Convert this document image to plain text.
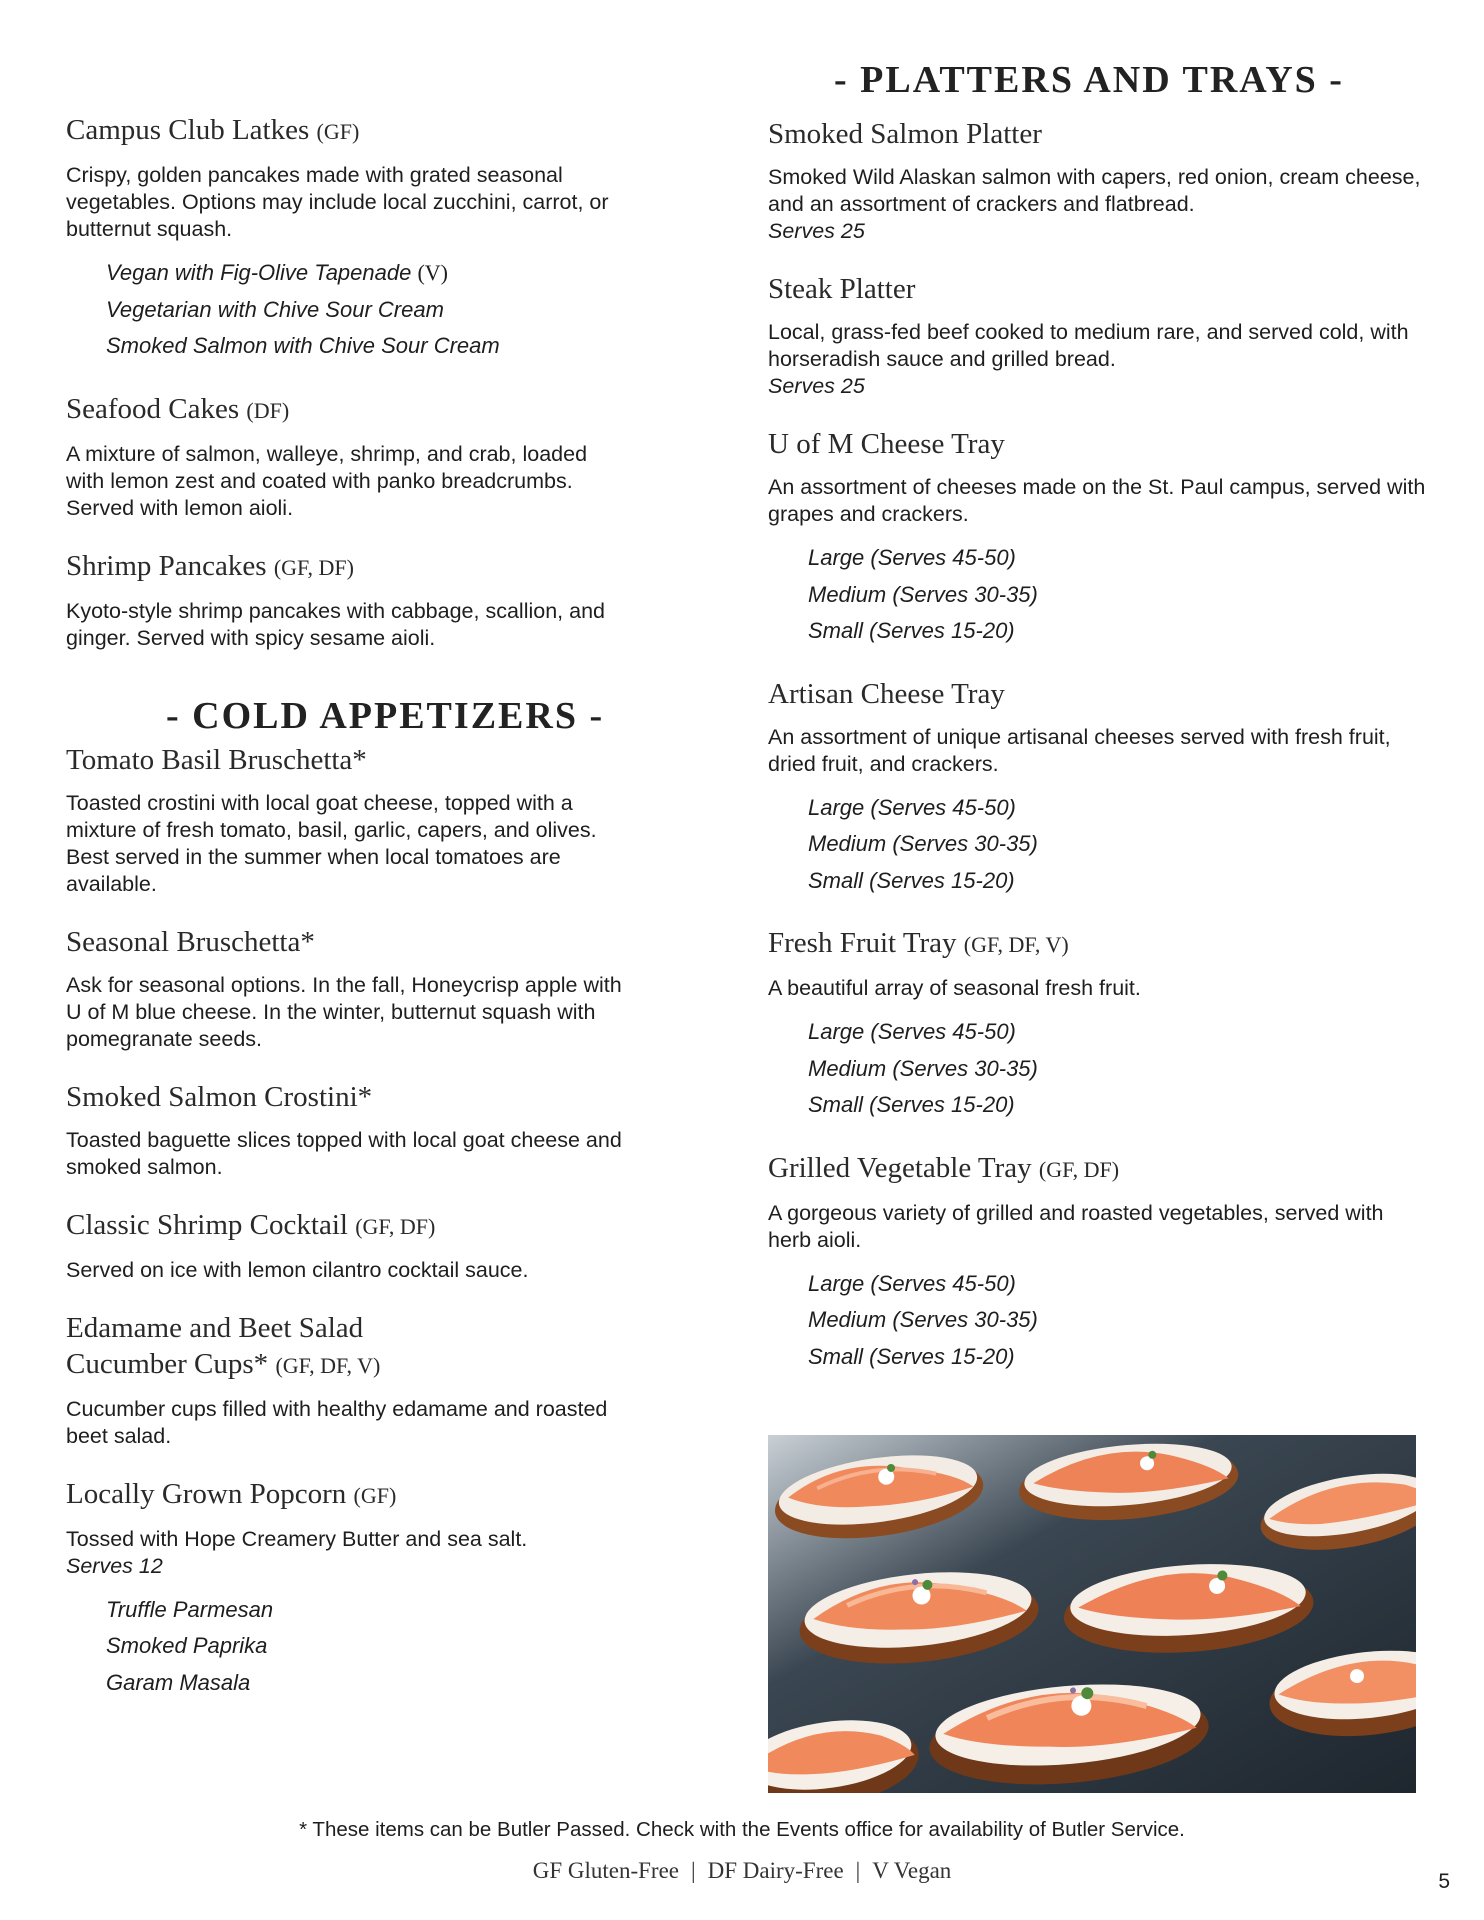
Campus Club Latkes (GF)

Crispy, golden pancakes made with grated seasonal vegetables. Options may include local zucchini, carrot, or butternut squash.

Vegan with Fig-Olive Tapenade (V)
Vegetarian with Chive Sour Cream
Smoked Salmon with Chive Sour Cream

Seafood Cakes (DF)

A mixture of salmon, walleye, shrimp, and crab, loaded with lemon zest and coated with panko breadcrumbs. Served with lemon aioli.

Shrimp Pancakes (GF, DF)

Kyoto-style shrimp pancakes with cabbage, scallion, and ginger. Served with spicy sesame aioli.

- COLD APPETIZERS -

Tomato Basil Bruschetta*

Toasted crostini with local goat cheese, topped with a mixture of fresh tomato, basil, garlic, capers, and olives. Best served in the summer when local tomatoes are available.

Seasonal Bruschetta*

Ask for seasonal options. In the fall, Honeycrisp apple with U of M blue cheese. In the winter, butternut squash with pomegranate seeds.

Smoked Salmon Crostini*

Toasted baguette slices topped with local goat cheese and smoked salmon.

Classic Shrimp Cocktail (GF, DF)

Served on ice with lemon cilantro cocktail sauce.

Edamame and Beet Salad
Cucumber Cups* (GF, DF, V)

Cucumber cups filled with healthy edamame and roasted beet salad.

Locally Grown Popcorn (GF)

Tossed with Hope Creamery Butter and sea salt.

Serves 12

Truffle Parmesan
Smoked Paprika
Garam Masala
- PLATTERS AND TRAYS -

Smoked Salmon Platter

Smoked Wild Alaskan salmon with capers, red onion, cream cheese, and an assortment of crackers and flatbread.

Serves 25

Steak Platter

Local, grass-fed beef cooked to medium rare, and served cold, with horseradish sauce and grilled bread.

Serves 25

U of M Cheese Tray

An assortment of cheeses made on the St. Paul campus, served with grapes and crackers.

Large (Serves 45-50)
Medium (Serves 30-35)
Small (Serves 15-20)

Artisan Cheese Tray

An assortment of unique artisanal cheeses served with fresh fruit, dried fruit, and crackers.

Large (Serves 45-50)
Medium (Serves 30-35)
Small (Serves 15-20)

Fresh Fruit Tray (GF, DF, V)

A beautiful array of seasonal fresh fruit.

Large (Serves 45-50)
Medium (Serves 30-35)
Small (Serves 15-20)

Grilled Vegetable Tray (GF, DF)

A gorgeous variety of grilled and roasted vegetables, served with herb aioli.

Large (Serves 45-50)
Medium (Serves 30-35)
Small (Serves 15-20)

* These items can be Butler Passed. Check with the Events office for availability of Butler Service.

GF Gluten-Free | DF Dairy-Free | V Vegan	5
